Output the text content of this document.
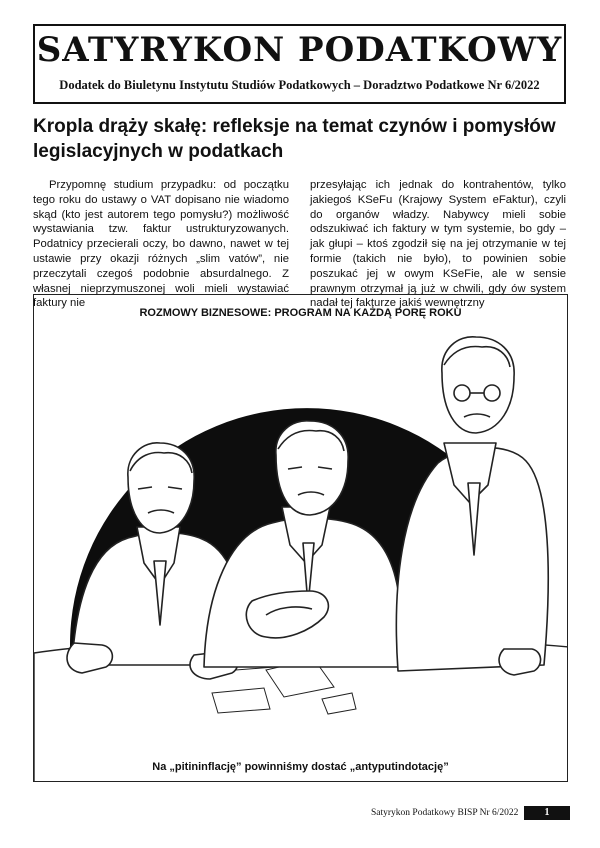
SATYRYKON PODATKOWY
Dodatek do Biuletynu Instytutu Studiów Podatkowych – Doradztwo Podatkowe Nr 6/2022
Kropla drąży skałę: refleksje na temat czynów i pomysłów legislacyjnych w podatkach

Przypomnę studium przypadku: od początku tego roku do ustawy o VAT dopisano nie wiadomo skąd (kto jest autorem tego pomysłu?) możliwość wystawiania tzw. faktur ustrukturyzowanych. Podatnicy przecierali oczy, bo dawno, nawet w tej ustawie przy okazji różnych „slim vatów”, nie przeczytali czegoś podobnie absurdalnego. Z własnej nieprzymuszonej woli mieli wystawiać faktury nie

przesyłając ich jednak do kontrahentów, tylko jakiegoś KSeFu (Krajowy System eFaktur), czyli do organów władzy. Nabywcy mieli sobie odszukiwać ich faktury w tym systemie, bo gdy – jak głupi – ktoś zgodził się na jej otrzymanie w tej formie (takich nie było), to powinien sobie poszukać jej w owym KSeFie, ale w sensie prawnym otrzymał ją już w chwili, gdy ów system nadał tej fakturze jakiś wewnętrzny

ROZMOWY BIZNESOWE: PROGRAM NA KAŻDĄ PORĘ ROKU
Na „pitininflację” powinniśmy dostać „antyputindotację”
Satyrykon Podatkowy BISP Nr 6/2022	1
